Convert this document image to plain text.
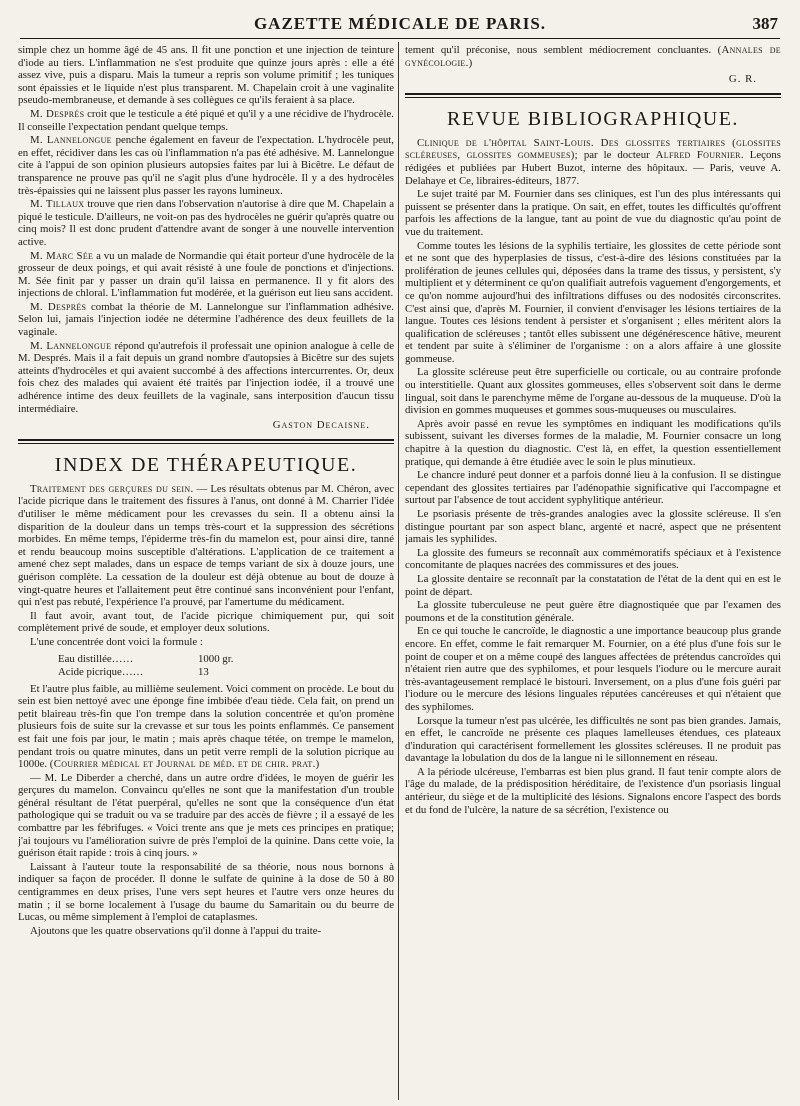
GAZETTE MÉDICALE DE PARIS.	387

simple chez un homme âgé de 45 ans. Il fit une ponction et une injection de teinture d'iode au tiers. L'inflammation ne s'est produite que quinze jours après : elle a été assez vive, puis a disparu. Mais la tumeur a repris son volume primitif ; les tuniques sont épaissies et le liquide n'est plus transparent. M. Chapelain croit à une vaginalite pseudo-membraneuse, et demande à ses collègues ce qu'ils feraient à sa place.

M. Després croit que le testicule a été piqué et qu'il y a une récidive de l'hydrocèle. Il conseille l'expectation pendant quelque temps.

M. Lannelongue penche également en faveur de l'expectation. L'hydrocèle peut, en effet, récidiver dans les cas où l'inflammation n'a pas été adhésive. M. Lannelongue cite à l'appui de son opinion plusieurs autopsies faites par lui à Bicêtre. Le défaut de transparence ne prouve pas qu'il ne s'agit plus d'une hydrocèle. Il y a des hydrocèles très-épaissies qui ne laissent plus passer les rayons lumineux.

M. Tillaux trouve que rien dans l'observation n'autorise à dire que M. Chapelain a piqué le testicule. D'ailleurs, ne voit-on pas des hydrocèles ne guérir qu'après quatre ou cinq mois? Il est donc prudent d'attendre avant de songer à une nouvelle intervention active.

M. Marc Sée a vu un malade de Normandie qui était porteur d'une hydrocèle de la grosseur de deux poings, et qui avait résisté à une foule de ponctions et d'injections. M. Sée finit par y passer un drain qu'il laissa en permanence. Il y fit alors des injections de chloral. L'inflammation fut modérée, et la guérison eut lieu sans accident.

M. Després combat la théorie de M. Lannelongue sur l'inflammation adhésive. Selon lui, jamais l'injection iodée ne détermine l'adhérence des deux feuillets de la vaginale.

M. Lannelongue répond qu'autrefois il professait une opinion analogue à celle de M. Després. Mais il a fait depuis un grand nombre d'autopsies à Bicêtre sur des sujets atteints d'hydrocèles et qui avaient succombé à des affections intercurrentes. Or, deux fois chez des malades qui avaient été traités par l'injection iodée, il a trouvé une adhérence intime des deux feuillets de la vaginale, sans interposition d'aucun tissu intermédiaire.

Gaston Decaisne.

INDEX DE THÉRAPEUTIQUE.

Traitement des gerçures du sein. — Les résultats obtenus par M. Chéron, avec l'acide picrique dans le traitement des fissures à l'anus, ont donné à M. Charrier l'idée d'utiliser le même médicament pour les crevasses du sein. Il a obtenu ainsi la disparition de la douleur dans un temps très-court et la suppression des sécrétions morbides. En même temps, l'épiderme très-fin du mamelon est, pour ainsi dire, tanné et rendu beaucoup moins susceptible d'altérations. L'application de ce traitement a amené chez sept malades, dans un espace de temps variant de six à douze jours, une guérison complète. La cessation de la douleur est déjà obtenue au bout de douze à vingt-quatre heures et l'allaitement peut être continué sans inconvénient pour l'enfant, qui n'est pas rebuté, l'expérience l'a prouvé, par l'amertume du médicament.

Il faut avoir, avant tout, de l'acide picrique chimiquement pur, qui soit complètement privé de soude, et employer deux solutions.

L'une concentrée dont voici la formule :

Eau distillée……	1000 gr.
Acide picrique……	13

Et l'autre plus faible, au millième seulement. Voici comment on procède. Le bout du sein est bien nettoyé avec une éponge fine imbibée d'eau tiède. Cela fait, on prend un petit blaireau très-fin que l'on trempe dans la solution concentrée et qu'on promène plusieurs fois de suite sur la crevasse et sur tous les points enflammés. Ce pansement est fait une fois par jour, le matin ; mais après chaque tétée, on trempe le mamelon, pendant trois ou quatre minutes, dans un petit verre rempli de la solution picrique au 1000e. (Courrier médical et Journal de méd. et de chir. prat.)

— M. Le Diberder a cherché, dans un autre ordre d'idées, le moyen de guérir les gerçures du mamelon. Convaincu qu'elles ne sont que la manifestation d'un trouble général résultant de l'état puerpéral, qu'elles ne sont que la conséquence d'un état pathologique qui se traduit ou va se traduire par des accès de fièvre ; il a essayé de les combattre par les fébrifuges. « Voici trente ans que je mets ces principes en pratique; j'ai toujours vu l'amélioration suivre de près l'emploi de la quinine. Dans cette voie, la guérison était rapide : trois à cinq jours. »

Laissant à l'auteur toute la responsabilité de sa théorie, nous nous bornons à indiquer sa façon de procéder. Il donne le sulfate de quinine à la dose de 50 à 80 centigrammes en deux prises, l'une vers sept heures et l'autre vers onze heures du matin ; il se borne localement à l'usage du baume du Samaritain ou du beurre de Lucas, ou même simplement à l'emploi de cataplasmes.

Ajoutons que les quatre observations qu'il donne à l'appui du traite-

tement qu'il préconise, nous semblent médiocrement concluantes. (Annales de gynécologie.)

G. R.

REVUE BIBLIOGRAPHIQUE.

Clinique de l'hôpital Saint-Louis. Des glossites tertiaires (glossites scléreuses, glossites gommeuses); par le docteur Alfred Fournier. Leçons rédigées et publiées par Hubert Buzot, interne des hôpitaux. — Paris, veuve A. Delahaye et Ce, libraires-éditeurs, 1877.

Le sujet traité par M. Fournier dans ses cliniques, est l'un des plus intéressants qui puissent se présenter dans la pratique. On sait, en effet, toutes les difficultés qu'offrent parfois les affections de la langue, tant au point de vue du diagnostic qu'au point de vue du traitement.

Comme toutes les lésions de la syphilis tertiaire, les glossites de cette période sont et ne sont que des hyperplasies de tissus, c'est-à-dire des lésions constituées par la prolifération de jeunes cellules qui, déposées dans la trame des tissus, y persistent, s'y multiplient et y déterminent ce qu'on qualifiait autrefois vaguement d'engorgements, et ce qu'on nomme aujourd'hui des infiltrations diffuses ou des nodosités circonscrites. C'est ainsi que, d'après M. Fournier, il convient d'envisager les lésions tertiaires de la langue. Toutes ces lésions tendent à persister et s'organisent ; elles méritent alors la qualification de scléreuses ; tantôt elles subissent une dégénérescence hâtive, meurent et tendent par suite à s'éliminer de l'organisme : on a alors affaire à une glossite gommeuse.

La glossite scléreuse peut être superficielle ou corticale, ou au contraire profonde ou interstitielle. Quant aux glossites gommeuses, elles s'observent soit dans le derme lingual, soit dans le parenchyme même de l'organe au-dessous de la muqueuse. D'où la division en gommes muqueuses et gommes sous-muqueuses ou musculaires.

Après avoir passé en revue les symptômes en indiquant les modifications qu'ils subissent, suivant les diverses formes de la maladie, M. Fournier consacre un long chapitre à la question du diagnostic. C'est là, en effet, la question essentiellement pratique, qui demande à être étudiée avec le soin le plus minutieux.

Le chancre induré peut donner et a parfois donné lieu à la confusion. Il se distingue cependant des glossites tertiaires par l'adénopathie significative qui l'accompagne et surtout par l'absence de tout accident syphylitique antérieur.

Le psoriasis présente de très-grandes analogies avec la glossite scléreuse. Il s'en distingue pourtant par son aspect blanc, argenté et nacré, aspect que ne présentent jamais les syphilides.

La glossite des fumeurs se reconnaît aux commémoratifs spéciaux et à l'existence concomitante de plaques nacrées des commissures et des joues.

La glossite dentaire se reconnaît par la constatation de l'état de la dent qui en est le point de départ.

La glossite tuberculeuse ne peut guère être diagnostiquée que par l'examen des poumons et de la constitution générale.

En ce qui touche le cancroïde, le diagnostic a une importance beaucoup plus grande encore. En effet, comme le fait remarquer M. Fournier, on a été plus d'une fois sur le point de couper et on a même coupé des langues affectées de prétendus cancroïdes qui n'étaient rien autre que des syphilomes, et pour lesquels l'iodure ou le mercure aurait très-avantageusement remplacé le bistouri. Inversement, on a plus d'une fois guéri par l'iodure ou le mercure des lésions linguales réputées cancéreuses et qui n'étaient que des syphilomes.

Lorsque la tumeur n'est pas ulcérée, les difficultés ne sont pas bien grandes. Jamais, en effet, le cancroïde ne présente ces plaques lamelleuses étendues, ces plateaux d'induration qui caractérisent formellement les glossites scléreuses. Il ne produit pas davantage la lobulation du dos de la langue ni le sillonnement en réseau.

A la période ulcéreuse, l'embarras est bien plus grand. Il faut tenir compte alors de l'âge du malade, de la prédisposition héréditaire, de l'existence d'un psoriasis lingual antérieur, du siège et de la multiplicité des lésions. Signalons encore l'aspect des bords et du fond de l'ulcère, la nature de sa sécrétion, l'existence ou
